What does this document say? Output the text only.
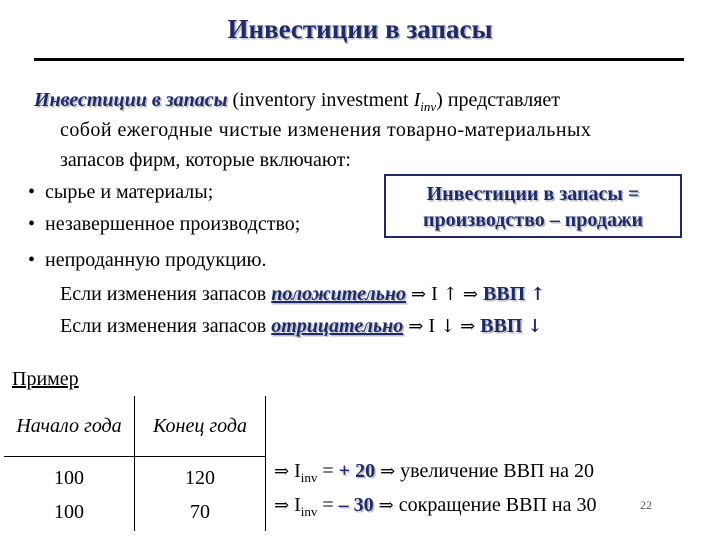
Инвестиции в запасы
Инвестиции в запасы (inventory investment $I_{inv}$) представляет
собой ежегодные чистые изменения товарно-материальных
запасов фирм, которые включают:
• сырье и материалы;
• незавершенное производство;
• непроданную продукцию.
Инвестиции в запасы =
производство – продажи
Если изменения запасов положительно ⇒ I ↑ ⇒ ВВП ↑
Если изменения запасов отрицательно ⇒ I ↓ ⇒ ВВП ↓
Пример
Начало года	Конец года
100	120
100	70
⇒ $I_{inv}$ = + 20 ⇒ увеличение ВВП на 20
⇒ $I_{inv}$ = – 30 ⇒ сокращение ВВП на 30	22
